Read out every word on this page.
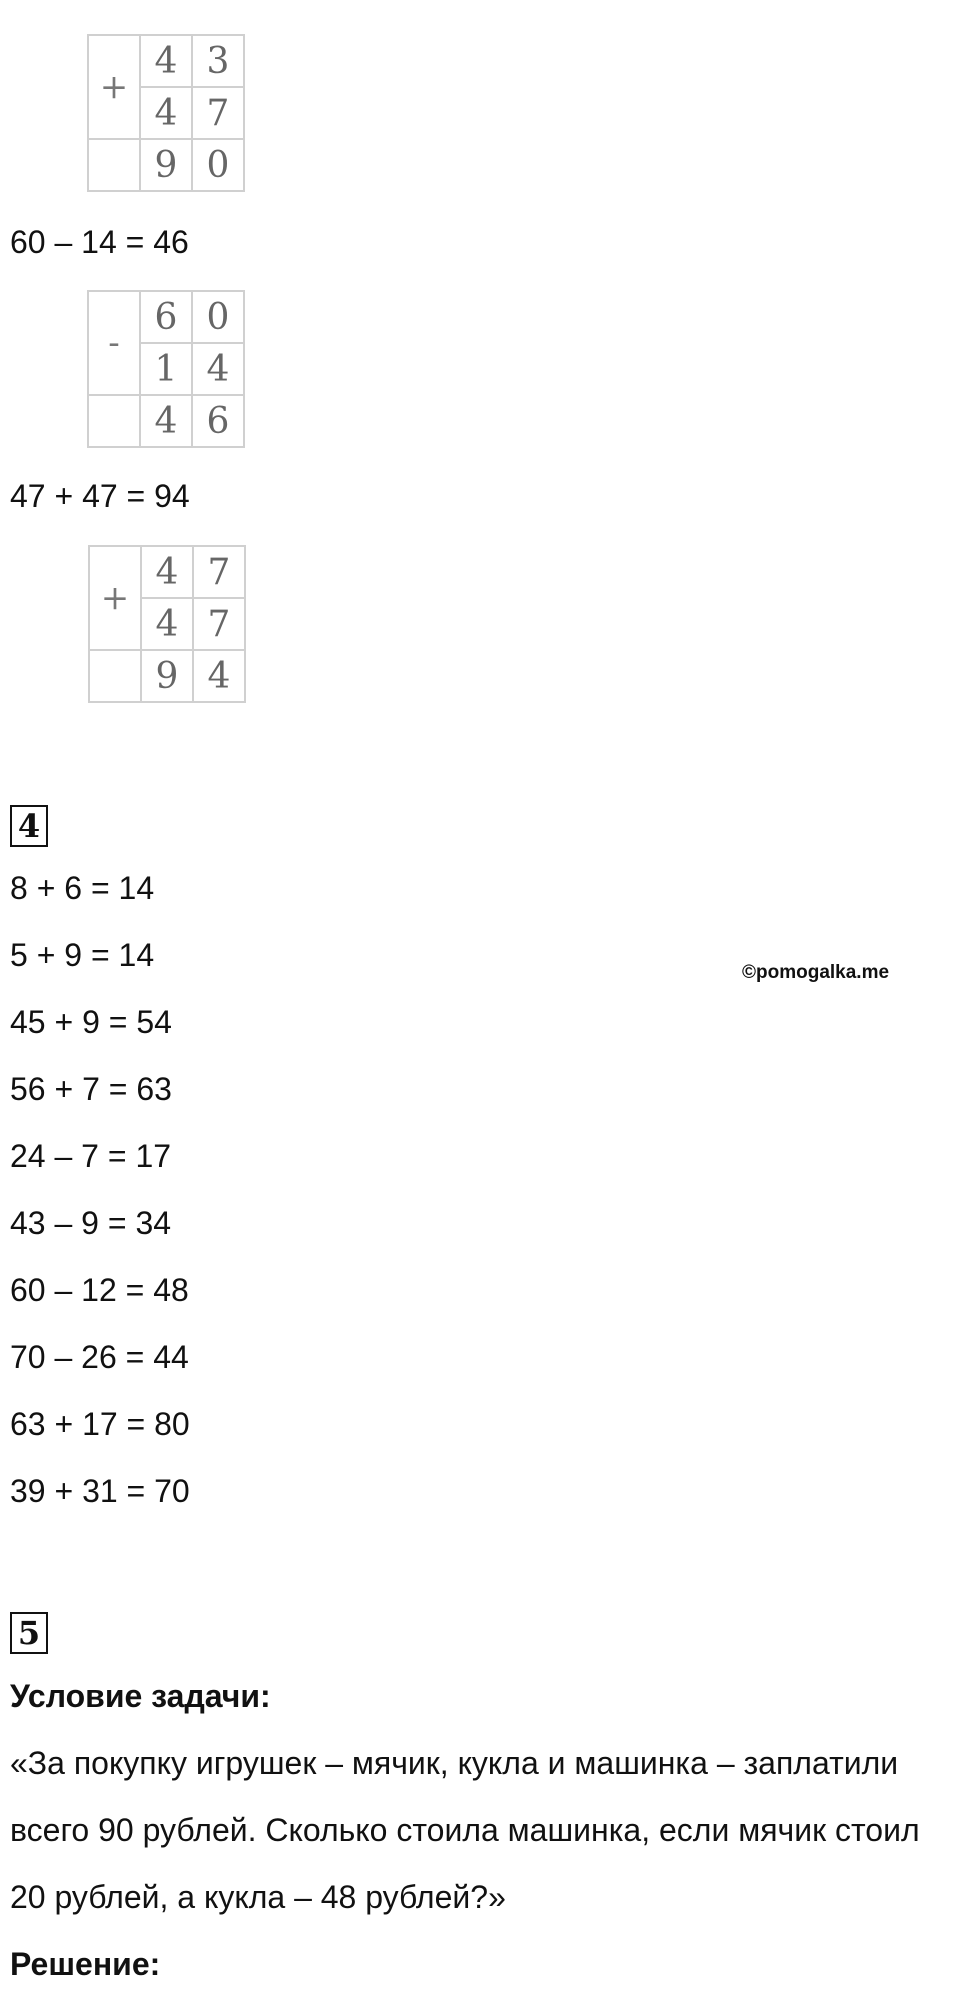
+	4	3
	4	7
	9	0
60 – 14 = 46
-	6	0
	1	4
	4	6
47 + 47 = 94
+	4	7
	4	7
	9	4
4
8 + 6 = 14
5 + 9 = 14
45 + 9 = 54
56 + 7 = 63
24 – 7 = 17
43 – 9 = 34
60 – 12 = 48
70 – 26 = 44
63 + 17 = 80
39 + 31 = 70
©pomogalka.me
5
Условие задачи:
«За покупку игрушек – мячик, кукла и машинка – заплатили
всего 90 рублей. Сколько стоила машинка, если мячик стоил
20 рублей, а кукла – 48 рублей?»
Решение:
